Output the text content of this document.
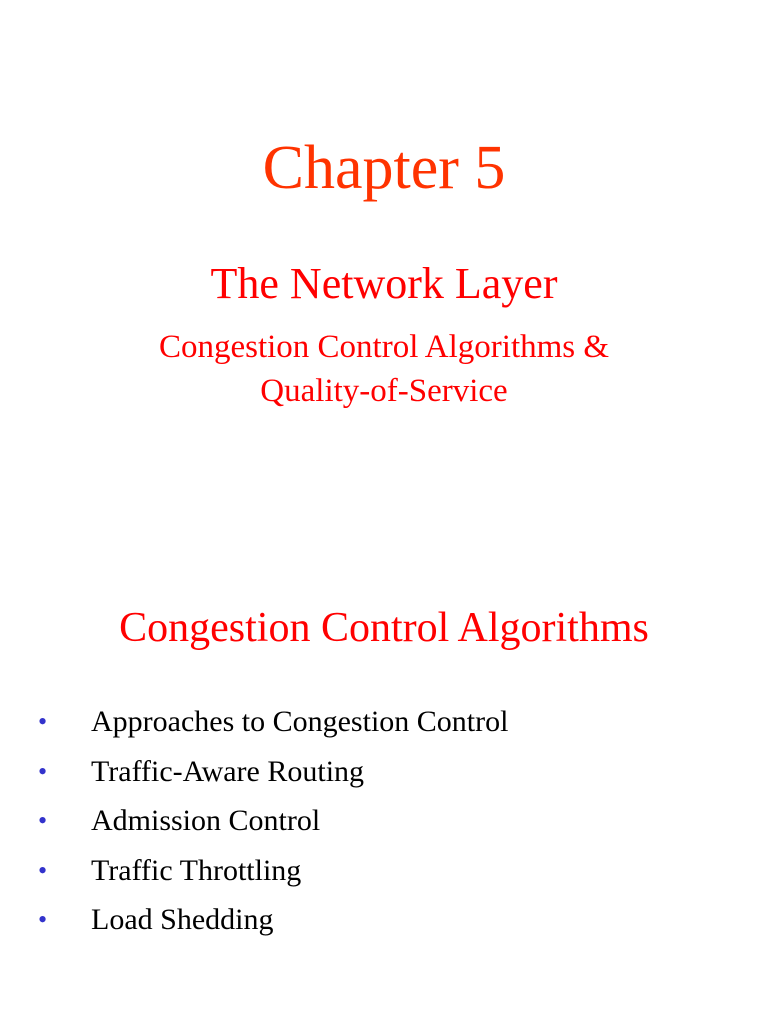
Chapter 5
The Network Layer
Congestion Control Algorithms &
Quality-of-Service
Congestion Control Algorithms
• Approaches to Congestion Control
• Traffic-Aware Routing
• Admission Control
• Traffic Throttling
• Load Shedding
